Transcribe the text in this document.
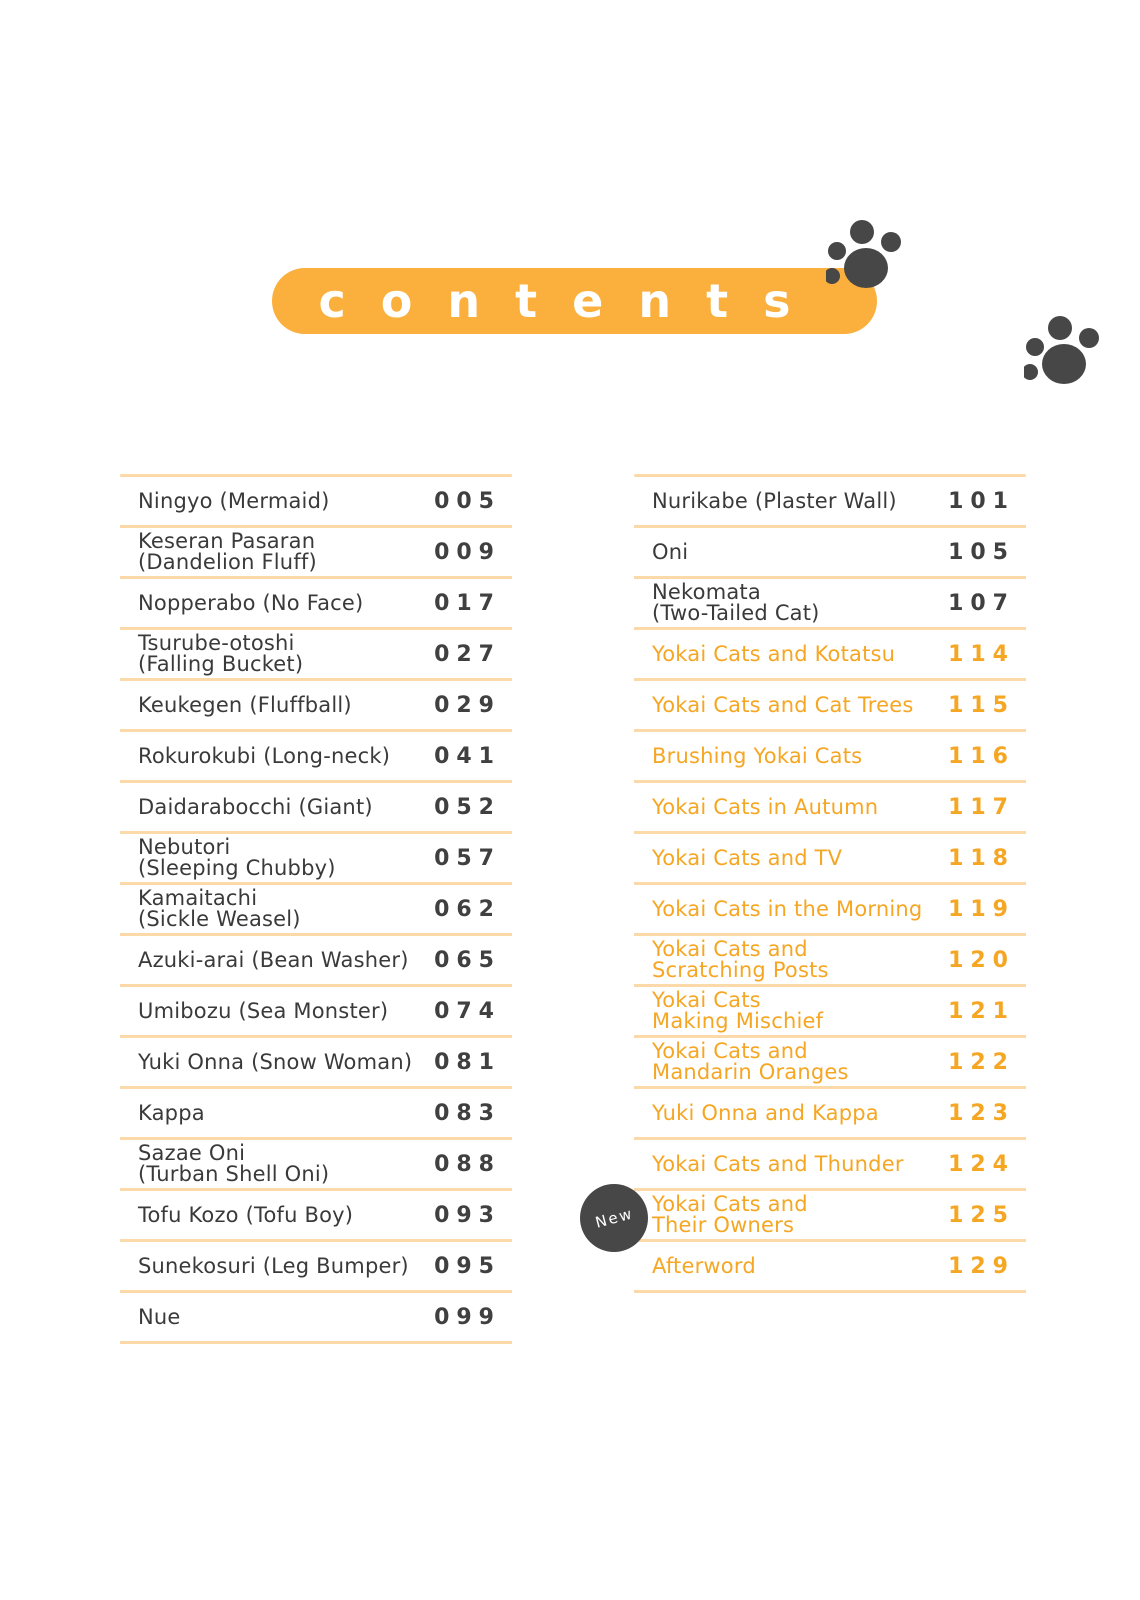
contents
Ningyo (Mermaid)	005
Keseran Pasaran
(Dandelion Fluff)	009
Nopperabo (No Face)	017
Tsurube-otoshi
(Falling Bucket)	027
Keukegen (Fluffball)	029
Rokurokubi (Long-neck) 041
Daidarabocchi (Giant)	052
Nebutori
(Sleeping Chubby)	057
Kamaitachi
(Sickle Weasel)	062
Azuki-arai (Bean Washer) 065
Umibozu (Sea Monster) 074
Yuki Onna (Snow Woman) 081
Kappa	083
Sazae Oni
(Turban Shell Oni)	088
Tofu Kozo (Tofu Boy)	093
Sunekosuri (Leg Bumper) 095
Nue	099
Nurikabe (Plaster Wall) 101
Oni	105
Nekomata
(Two-Tailed Cat)	107
Yokai Cats and Kotatsu 114
Yokai Cats and Cat Trees 115
Brushing Yokai Cats	116
Yokai Cats in Autumn	117
Yokai Cats and TV	118
Yokai Cats in the Morning 119
Yokai Cats and
Scratching Posts	120
Yokai Cats
Making Mischief	121
Yokai Cats and
Mandarin Oranges	122
Yuki Onna and Kappa	123
Yokai Cats and Thunder 124
Yokai Cats and
Their Owners	125
Afterword	129
New
